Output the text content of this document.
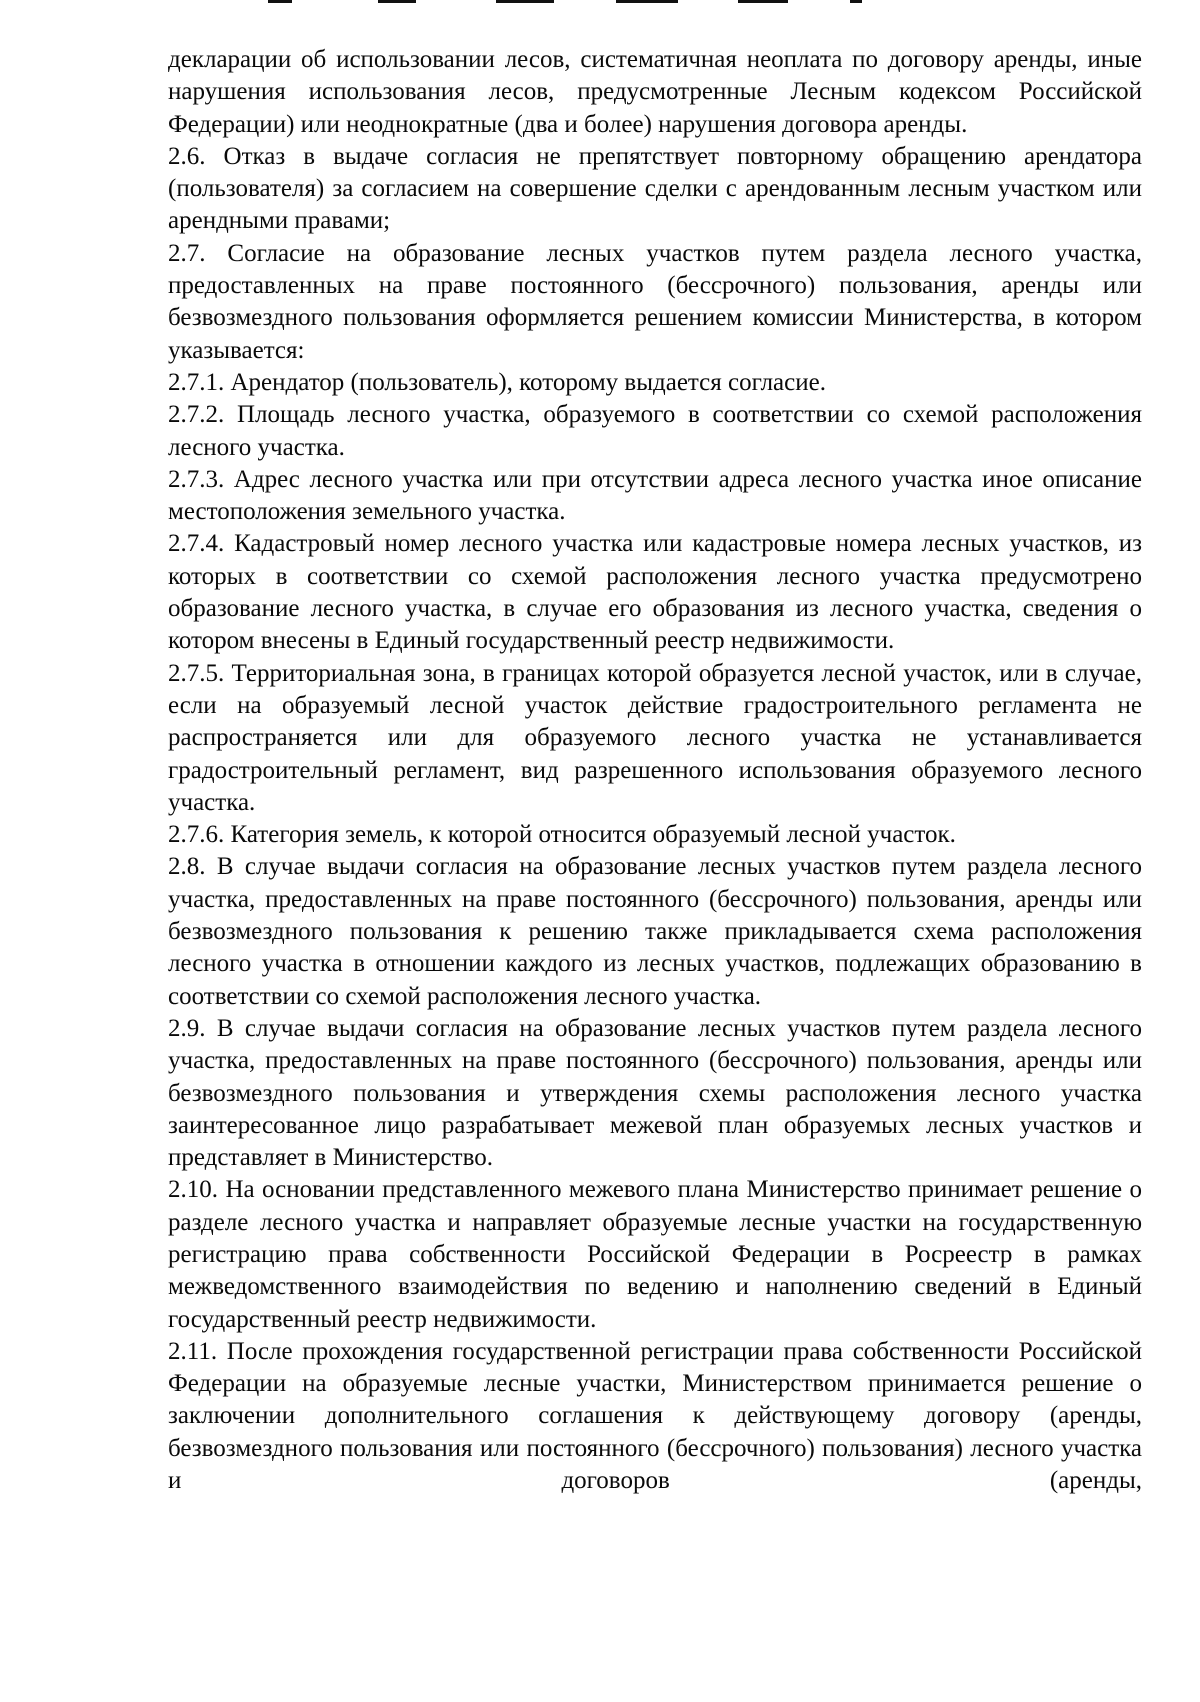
декларации об использовании лесов, систематичная неоплата по договору аренды, иные нарушения использования лесов, предусмотренные Лесным кодексом Российской Федерации) или неоднократные (два и более) нарушения договора аренды.

2.6. Отказ в выдаче согласия не препятствует повторному обращению арендатора (пользователя) за согласием на совершение сделки с арендованным лесным участком или арендными правами;

2.7. Согласие на образование лесных участков путем раздела лесного участка, предоставленных на праве постоянного (бессрочного) пользования, аренды или безвозмездного пользования оформляется решением комиссии Министерства, в котором указывается:

2.7.1. Арендатор (пользователь), которому выдается согласие.

2.7.2. Площадь лесного участка, образуемого в соответствии со схемой расположения лесного участка.

2.7.3. Адрес лесного участка или при отсутствии адреса лесного участка иное описание местоположения земельного участка.

2.7.4. Кадастровый номер лесного участка или кадастровые номера лесных участков, из которых в соответствии со схемой расположения лесного участка предусмотрено образование лесного участка, в случае его образования из лесного участка, сведения о котором внесены в Единый государственный реестр недвижимости.

2.7.5. Территориальная зона, в границах которой образуется лесной участок, или в случае, если на образуемый лесной участок действие градостроительного регламента не распространяется или для образуемого лесного участка не устанавливается градостроительный регламент, вид разрешенного использования образуемого лесного участка.

2.7.6. Категория земель, к которой относится образуемый лесной участок.

2.8. В случае выдачи согласия на образование лесных участков путем раздела лесного участка, предоставленных на праве постоянного (бессрочного) пользования, аренды или безвозмездного пользования к решению также прикладывается схема расположения лесного участка в отношении каждого из лесных участков, подлежащих образованию в соответствии со схемой расположения лесного участка.

2.9. В случае выдачи согласия на образование лесных участков путем раздела лесного участка, предоставленных на праве постоянного (бессрочного) пользования, аренды или безвозмездного пользования и утверждения схемы расположения лесного участка заинтересованное лицо разрабатывает межевой план образуемых лесных участков и представляет в Министерство.

2.10. На основании представленного межевого плана Министерство принимает решение о разделе лесного участка и направляет образуемые лесные участки на государственную регистрацию права собственности Российской Федерации в Росреестр в рамках межведомственного взаимодействия по ведению и наполнению сведений в Единый государственный реестр недвижимости.

2.11. После прохождения государственной регистрации права собственности Российской Федерации на образуемые лесные участки, Министерством принимается решение о заключении дополнительного соглашения к действующему договору (аренды, безвозмездного пользования или постоянного (бессрочного) пользования) лесного участка и договоров (аренды,
